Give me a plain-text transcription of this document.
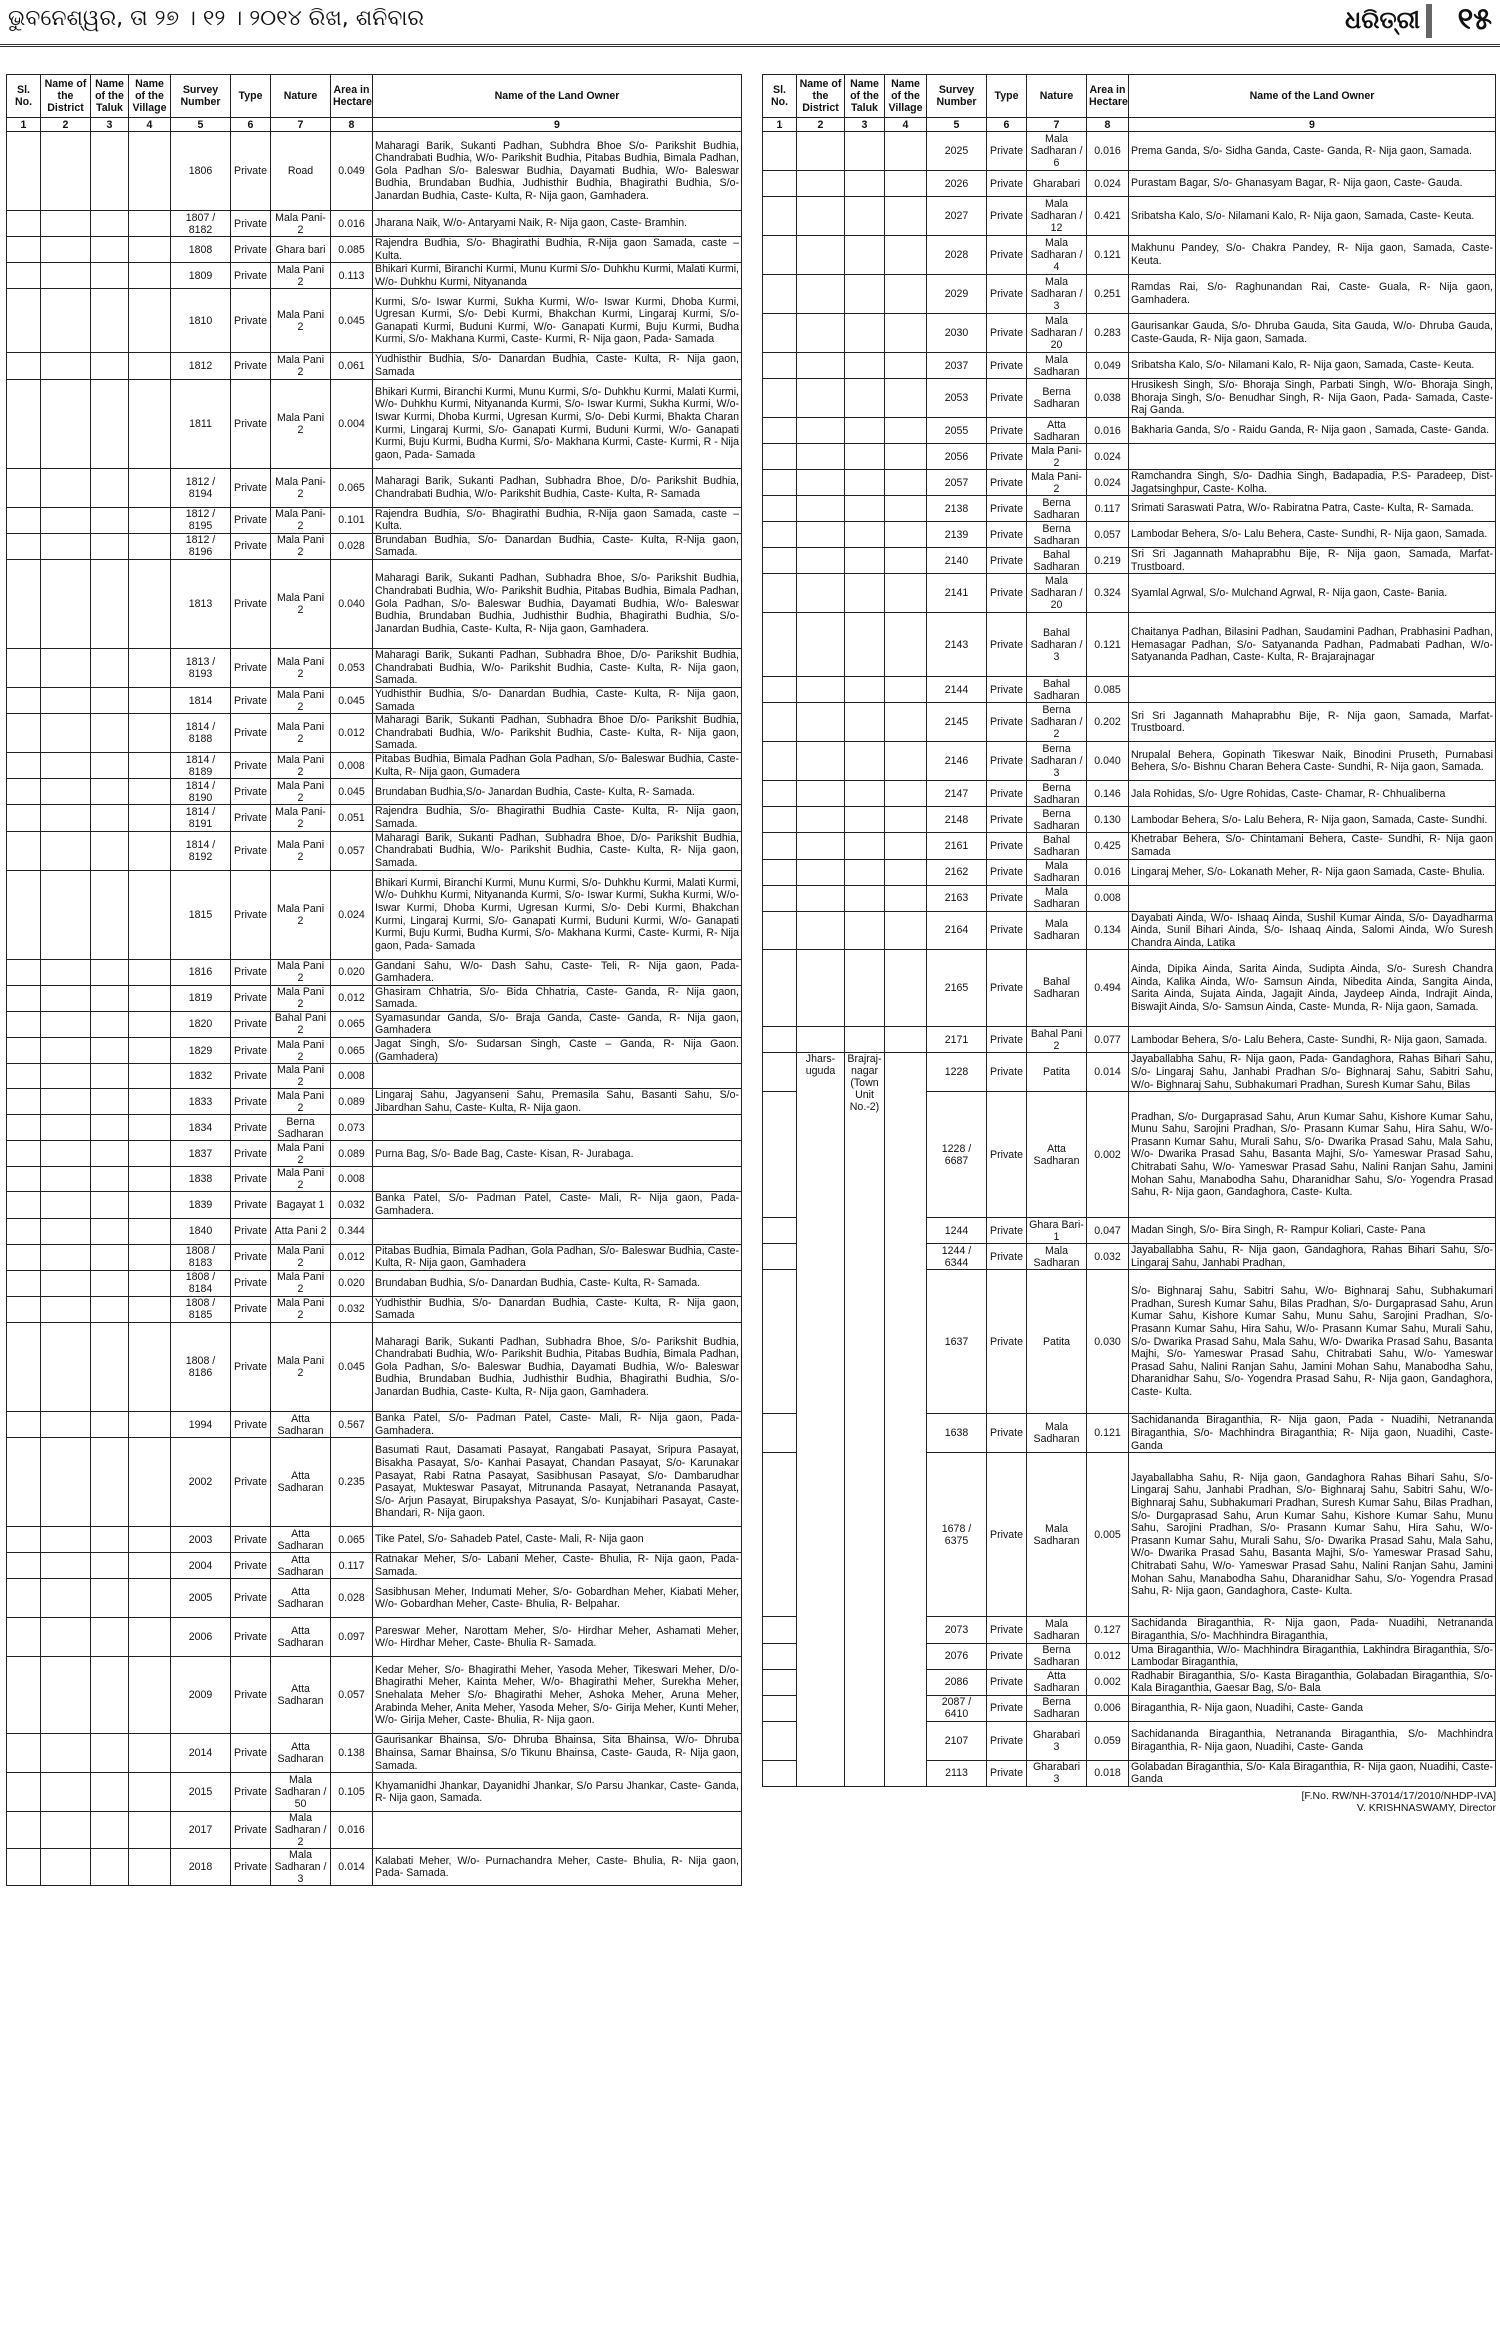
ଭୁବନେଶ୍ୱର, ତା ୨୭ । ୧୨ । ୨୦୧୪ ରିଖ, ଶନିବାର	ଧରିତ୍ରୀ ୧୫
Sl. No.	Name of the District	Name of the Taluk	Name of the Village	Survey Number	Type	Nature	Area in Hectare	Name of the Land Owner
1	2	3	4	5	6	7	8	9
				1806	Private	Road	0.049	Maharagi Barik, Sukanti Padhan, Subhdra Bhoe S/o- Parikshit Budhia, Chandrabati Budhia, W/o- Parikshit Budhia, Pitabas Budhia, Bimala Padhan, Gola Padhan S/o- Baleswar Budhia, Dayamati Budhia, W/o- Baleswar Budhia, Brundaban Budhia, Judhisthir Budhia, Bhagirathi Budhia, S/o- Janardan Budhia, Caste- Kulta, R- Nija gaon, Gamhadera.
				1807 / 8182	Private	Mala Pani-2	0.016	Jharana Naik, W/o- Antaryami Naik, R- Nija gaon, Caste- Bramhin.
				1808	Private	Ghara bari	0.085	Rajendra Budhia, S/o- Bhagirathi Budhia, R-Nija gaon Samada, caste – Kulta.
				1809	Private	Mala Pani 2	0.113	Bhikari Kurmi, Biranchi Kurmi, Munu Kurmi S/o- Duhkhu Kurmi, Malati Kurmi, W/o- Duhkhu Kurmi, Nityananda
				1810	Private	Mala Pani 2	0.045	Kurmi, S/o- Iswar Kurmi, Sukha Kurmi, W/o- Iswar Kurmi, Dhoba Kurmi, Ugresan Kurmi, S/o- Debi Kurmi, Bhakchan Kurmi, Lingaraj Kurmi, S/o- Ganapati Kurmi, Buduni Kurmi, W/o- Ganapati Kurmi, Buju Kurmi, Budha Kurmi, S/o- Makhana Kurmi, Caste- Kurmi, R- Nija gaon, Pada- Samada
				1812	Private	Mala Pani 2	0.061	Yudhisthir Budhia, S/o- Danardan Budhia, Caste- Kulta, R- Nija gaon, Samada
				1811	Private	Mala Pani 2	0.004	Bhikari Kurmi, Biranchi Kurmi, Munu Kurmi, S/o- Duhkhu Kurmi, Malati Kurmi, W/o- Duhkhu Kurmi, Nityananda Kurmi, S/o- Iswar Kurmi, Sukha Kurmi, W/o- Iswar Kurmi, Dhoba Kurmi, Ugresan Kurmi, S/o- Debi Kurmi, Bhakta Charan Kurmi, Lingaraj Kurmi, S/o- Ganapati Kurmi, Buduni Kurmi, W/o- Ganapati Kurmi, Buju Kurmi, Budha Kurmi, S/o- Makhana Kurmi, Caste- Kurmi, R - Nija gaon, Pada- Samada
				1812 / 8194	Private	Mala Pani-2	0.065	Maharagi Barik, Sukanti Padhan, Subhadra Bhoe, D/o- Parikshit Budhia, Chandrabati Budhia, W/o- Parikshit Budhia, Caste- Kulta, R- Samada
				1812 / 8195	Private	Mala Pani-2	0.101	Rajendra Budhia, S/o- Bhagirathi Budhia, R-Nija gaon Samada, caste – Kulta.
				1812 / 8196	Private	Mala Pani 2	0.028	Brundaban Budhia, S/o- Danardan Budhia, Caste- Kulta, R-Nija gaon, Samada.
				1813	Private	Mala Pani 2	0.040	Maharagi Barik, Sukanti Padhan, Subhadra Bhoe, S/o- Parikshit Budhia, Chandrabati Budhia, W/o- Parikshit Budhia, Pitabas Budhia, Bimala Padhan, Gola Padhan, S/o- Baleswar Budhia, Dayamati Budhia, W/o- Baleswar Budhia, Brundaban Budhia, Judhisthir Budhia, Bhagirathi Budhia, S/o- Janardan Budhia, Caste- Kulta, R- Nija gaon, Gamhadera.
				1813 / 8193	Private	Mala Pani 2	0.053	Maharagi Barik, Sukanti Padhan, Subhadra Bhoe, D/o- Parikshit Budhia, Chandrabati Budhia, W/o- Parikshit Budhia, Caste- Kulta, R- Nija gaon, Samada.
				1814	Private	Mala Pani 2	0.045	Yudhisthir Budhia, S/o- Danardan Budhia, Caste- Kulta, R- Nija gaon, Samada
				1814 / 8188	Private	Mala Pani 2	0.012	Maharagi Barik, Sukanti Padhan, Subhadra Bhoe D/o- Parikshit Budhia, Chandrabati Budhia, W/o- Parikshit Budhia, Caste- Kulta, R- Nija gaon, Samada.
				1814 / 8189	Private	Mala Pani 2	0.008	Pitabas Budhia, Bimala Padhan Gola Padhan, S/o- Baleswar Budhia, Caste- Kulta, R- Nija gaon, Gumadera
				1814 / 8190	Private	Mala Pani 2	0.045	Brundaban Budhia,S/o- Janardan Budhia, Caste- Kulta, R- Samada.
				1814 / 8191	Private	Mala Pani-2	0.051	Rajendra Budhia, S/o- Bhagirathi Budhia Caste- Kulta, R- Nija gaon, Samada.
				1814 / 8192	Private	Mala Pani 2	0.057	Maharagi Barik, Sukanti Padhan, Subhadra Bhoe, D/o- Parikshit Budhia, Chandrabati Budhia, W/o- Parikshit Budhia, Caste- Kulta, R- Nija gaon, Samada.
				1815	Private	Mala Pani 2	0.024	Bhikari Kurmi, Biranchi Kurmi, Munu Kurmi, S/o- Duhkhu Kurmi, Malati Kurmi, W/o- Duhkhu Kurmi, Nityananda Kurmi, S/o- Iswar Kurmi, Sukha Kurmi, W/o- Iswar Kurmi, Dhoba Kurmi, Ugresan Kurmi, S/o- Debi Kurmi, Bhakchan Kurmi, Lingaraj Kurmi, S/o- Ganapati Kurmi, Buduni Kurmi, W/o- Ganapati Kurmi, Buju Kurmi, Budha Kurmi, S/o- Makhana Kurmi, Caste- Kurmi, R- Nija gaon, Pada- Samada
				1816	Private	Mala Pani 2	0.020	Gandani Sahu, W/o- Dash Sahu, Caste- Teli, R- Nija gaon, Pada- Gamhadera.
				1819	Private	Mala Pani 2	0.012	Ghasiram Chhatria, S/o- Bida Chhatria, Caste- Ganda, R- Nija gaon, Samada.
				1820	Private	Bahal Pani 2	0.065	Syamasundar Ganda, S/o- Braja Ganda, Caste- Ganda, R- Nija gaon, Gamhadera
				1829	Private	Mala Pani 2	0.065	Jagat Singh, S/o- Sudarsan Singh, Caste – Ganda, R- Nija Gaon.(Gamhadera)
				1832	Private	Mala Pani 2	0.008	
				1833	Private	Mala Pani 2	0.089	Lingaraj Sahu, Jagyanseni Sahu, Premasila Sahu, Basanti Sahu, S/o- Jibardhan Sahu, Caste- Kulta, R- Nija gaon.
				1834	Private	Berna Sadharan	0.073	
				1837	Private	Mala Pani 2	0.089	Purna Bag, S/o- Bade Bag, Caste- Kisan, R- Jurabaga.
				1838	Private	Mala Pani 2	0.008	
				1839	Private	Bagayat 1	0.032	Banka Patel, S/o- Padman Patel, Caste- Mali, R- Nija gaon, Pada- Gamhadera.
				1840	Private	Atta Pani 2	0.344	
				1808 / 8183	Private	Mala Pani 2	0.012	Pitabas Budhia, Bimala Padhan, Gola Padhan, S/o- Baleswar Budhia, Caste- Kulta, R- Nija gaon, Gamhadera
				1808 / 8184	Private	Mala Pani 2	0.020	Brundaban Budhia, S/o- Danardan Budhia, Caste- Kulta, R- Samada.
				1808 / 8185	Private	Mala Pani 2	0.032	Yudhisthir Budhia, S/o- Danardan Budhia, Caste- Kulta, R- Nija gaon, Samada
				1808 / 8186	Private	Mala Pani 2	0.045	Maharagi Barik, Sukanti Padhan, Subhadra Bhoe, S/o- Parikshit Budhia, Chandrabati Budhia, W/o- Parikshit Budhia, Pitabas Budhia, Bimala Padhan, Gola Padhan, S/o- Baleswar Budhia, Dayamati Budhia, W/o- Baleswar Budhia, Brundaban Budhia, Judhisthir Budhia, Bhagirathi Budhia, S/o- Janardan Budhia, Caste- Kulta, R- Nija gaon, Gamhadera.
				1994	Private	Atta Sadharan	0.567	Banka Patel, S/o- Padman Patel, Caste- Mali, R- Nija gaon, Pada- Gamhadera.
				2002	Private	Atta Sadharan	0.235	Basumati Raut, Dasamati Pasayat, Rangabati Pasayat, Sripura Pasayat, Bisakha Pasayat, S/o- Kanhai Pasayat, Chandan Pasayat, S/o- Karunakar Pasayat, Rabi Ratna Pasayat, Sasibhusan Pasayat, S/o- Dambarudhar Pasayat, Mukteswar Pasayat, Mitrunanda Pasayat, Netrananda Pasayat, S/o- Arjun Pasayat, Birupakshya Pasayat, S/o- Kunjabihari Pasayat, Caste- Bhandari, R- Nija gaon.
				2003	Private	Atta Sadharan	0.065	Tike Patel, S/o- Sahadeb Patel, Caste- Mali, R- Nija gaon
				2004	Private	Atta Sadharan	0.117	Ratnakar Meher, S/o- Labani Meher, Caste- Bhulia, R- Nija gaon, Pada- Samada.
				2005	Private	Atta Sadharan	0.028	Sasibhusan Meher, Indumati Meher, S/o- Gobardhan Meher, Kiabati Meher, W/o- Gobardhan Meher, Caste- Bhulia, R- Belpahar.
				2006	Private	Atta Sadharan	0.097	Pareswar Meher, Narottam Meher, S/o- Hirdhar Meher, Ashamati Meher, W/o- Hirdhar Meher, Caste- Bhulia R- Samada.
				2009	Private	Atta Sadharan	0.057	Kedar Meher, S/o- Bhagirathi Meher, Yasoda Meher, Tikeswari Meher, D/o- Bhagirathi Meher, Kainta Meher, W/o- Bhagirathi Meher, Surekha Meher, Snehalata Meher S/o- Bhagirathi Meher, Ashoka Meher, Aruna Meher, Arabinda Meher, Anita Meher, Yasoda Meher, S/o- Girija Meher, Kunti Meher, W/o- Girija Meher, Caste- Bhulia, R- Nija gaon.
				2014	Private	Atta Sadharan	0.138	Gaurisankar Bhainsa, S/o- Dhruba Bhainsa, Sita Bhainsa, W/o- Dhruba Bhainsa, Samar Bhainsa, S/o Tikunu Bhainsa, Caste- Gauda, R- Nija gaon, Samada.
				2015	Private	Mala Sadharan / 50	0.105	Khyamanidhi Jhankar, Dayanidhi Jhankar, S/o Parsu Jhankar, Caste- Ganda, R- Nija gaon, Samada.
				2017	Private	Mala Sadharan / 2	0.016	
				2018	Private	Mala Sadharan / 3	0.014	Kalabati Meher, W/o- Purnachandra Meher, Caste- Bhulia, R- Nija gaon, Pada- Samada.
Sl. No.	Name of the District	Name of the Taluk	Name of the Village	Survey Number	Type	Nature	Area in Hectare	Name of the Land Owner
1	2	3	4	5	6	7	8	9
				2025	Private	Mala Sadharan / 6	0.016	Prema Ganda, S/o- Sidha Ganda, Caste- Ganda, R- Nija gaon, Samada.
				2026	Private	Gharabari	0.024	Purastam Bagar, S/o- Ghanasyam Bagar, R- Nija gaon, Caste- Gauda.
				2027	Private	Mala Sadharan / 12	0.421	Sribatsha Kalo, S/o- Nilamani Kalo, R- Nija gaon, Samada, Caste- Keuta.
				2028	Private	Mala Sadharan / 4	0.121	Makhunu Pandey, S/o- Chakra Pandey, R- Nija gaon, Samada, Caste- Keuta.
				2029	Private	Mala Sadharan / 3	0.251	Ramdas Rai, S/o- Raghunandan Rai, Caste- Guala, R- Nija gaon, Gamhadera.
				2030	Private	Mala Sadharan / 20	0.283	Gaurisankar Gauda, S/o- Dhruba Gauda, Sita Gauda, W/o- Dhruba Gauda, Caste-Gauda, R- Nija gaon, Samada.
				2037	Private	Mala Sadharan	0.049	Sribatsha Kalo, S/o- Nilamani Kalo, R- Nija gaon, Samada, Caste- Keuta.
				2053	Private	Berna Sadharan	0.038	Hrusikesh Singh, S/o- Bhoraja Singh, Parbati Singh, W/o- Bhoraja Singh, Bhoraja Singh, S/o- Benudhar Singh, R- Nija Gaon, Pada- Samada, Caste- Raj Ganda.
				2055	Private	Atta Sadharan	0.016	Bakharia Ganda, S/o - Raidu Ganda, R- Nija gaon , Samada, Caste- Ganda.
				2056	Private	Mala Pani-2	0.024	
				2057	Private	Mala Pani-2	0.024	Ramchandra Singh, S/o- Dadhia Singh, Badapadia, P.S- Paradeep, Dist- Jagatsinghpur, Caste- Kolha.
				2138	Private	Berna Sadharan	0.117	Srimati Saraswati Patra, W/o- Rabiratna Patra, Caste- Kulta, R- Samada.
				2139	Private	Berna Sadharan	0.057	Lambodar Behera, S/o- Lalu Behera, Caste- Sundhi, R- Nija gaon, Samada.
				2140	Private	Bahal Sadharan	0.219	Sri Sri Jagannath Mahaprabhu Bije, R- Nija gaon, Samada, Marfat- Trustboard.
				2141	Private	Mala Sadharan / 20	0.324	Syamlal Agrwal, S/o- Mulchand Agrwal, R- Nija gaon, Caste- Bania.
				2143	Private	Bahal Sadharan / 3	0.121	Chaitanya Padhan, Bilasini Padhan, Saudamini Padhan, Prabhasini Padhan, Hemasagar Padhan, S/o- Satyananda Padhan, Padmabati Padhan, W/o- Satyananda Padhan, Caste- Kulta, R- Brajarajnagar
				2144	Private	Bahal Sadharan	0.085	
				2145	Private	Berna Sadharan / 2	0.202	Sri Sri Jagannath Mahaprabhu Bije, R- Nija gaon, Samada, Marfat- Trustboard.
				2146	Private	Berna Sadharan / 3	0.040	Nrupalal Behera, Gopinath Tikeswar Naik, Binodini Pruseth, Purnabasi Behera, S/o- Bishnu Charan Behera Caste- Sundhi, R- Nija gaon, Samada.
				2147	Private	Berna Sadharan	0.146	Jala Rohidas, S/o- Ugre Rohidas, Caste- Chamar, R- Chhualiberna
				2148	Private	Berna Sadharan	0.130	Lambodar Behera, S/o- Lalu Behera, R- Nija gaon, Samada, Caste- Sundhi.
				2161	Private	Bahal Sadharan	0.425	Khetrabar Behera, S/o- Chintamani Behera, Caste- Sundhi, R- Nija gaon Samada
				2162	Private	Mala Sadharan	0.016	Lingaraj Meher, S/o- Lokanath Meher, R- Nija gaon Samada, Caste- Bhulia.
				2163	Private	Mala Sadharan	0.008	
				2164	Private	Mala Sadharan	0.134	Dayabati Ainda, W/o- Ishaaq Ainda, Sushil Kumar Ainda, S/o- Dayadharma Ainda, Sunil Bihari Ainda, S/o- Ishaaq Ainda, Salomi Ainda, W/o Suresh Chandra Ainda, Latika
				2165	Private	Bahal Sadharan	0.494	Ainda, Dipika Ainda, Sarita Ainda, Sudipta Ainda, S/o- Suresh Chandra Ainda, Kalika Ainda, W/o- Samsun Ainda, Nibedita Ainda, Sangita Ainda, Sarita Ainda, Sujata Ainda, Jagajit Ainda, Jaydeep Ainda, Indrajit Ainda, Biswajit Ainda, S/o- Samsun Ainda, Caste- Munda, R- Nija gaon, Samada.
				2171	Private	Bahal Pani 2	0.077	Lambodar Behera, S/o- Lalu Behera, Caste- Sundhi, R- Nija gaon, Samada.
	Jhars-uguda	Brajraj-nagar (Town Unit No.-2)		1228	Private	Patita	0.014	Jayaballabha Sahu, R- Nija gaon, Pada- Gandaghora, Rahas Bihari Sahu, S/o- Lingaraj Sahu, Janhabi Pradhan S/o- Bighnaraj Sahu, Sabitri Sahu, W/o- Bighnaraj Sahu, Subhakumari Pradhan, Suresh Kumar Sahu, Bilas
				1228 / 6687	Private	Atta Sadharan	0.002	Pradhan, S/o- Durgaprasad Sahu, Arun Kumar Sahu, Kishore Kumar Sahu, Munu Sahu, Sarojini Pradhan, S/o- Prasann Kumar Sahu, Hira Sahu, W/o- Prasann Kumar Sahu, Murali Sahu, S/o- Dwarika Prasad Sahu, Mala Sahu, W/o- Dwarika Prasad Sahu, Basanta Majhi, S/o- Yameswar Prasad Sahu, Chitrabati Sahu, W/o- Yameswar Prasad Sahu, Nalini Ranjan Sahu, Jamini Mohan Sahu, Manabodha Sahu, Dharanidhar Sahu, S/o- Yogendra Prasad Sahu, R- Nija gaon, Gandaghora, Caste- Kulta.
				1244	Private	Ghara Bari-1	0.047	Madan Singh, S/o- Bira Singh, R- Rampur Koliari, Caste- Pana
				1244 / 6344	Private	Mala Sadharan	0.032	Jayaballabha Sahu, R- Nija gaon, Gandaghora, Rahas Bihari Sahu, S/o- Lingaraj Sahu, Janhabi Pradhan,
				1637	Private	Patita	0.030	S/o- Bighnaraj Sahu, Sabitri Sahu, W/o- Bighnaraj Sahu, Subhakumari Pradhan, Suresh Kumar Sahu, Bilas Pradhan, S/o- Durgaprasad Sahu, Arun Kumar Sahu, Kishore Kumar Sahu, Munu Sahu, Sarojini Pradhan, S/o- Prasann Kumar Sahu, Hira Sahu, W/o- Prasann Kumar Sahu, Murali Sahu, S/o- Dwarika Prasad Sahu, Mala Sahu, W/o- Dwarika Prasad Sahu, Basanta Majhi, S/o- Yameswar Prasad Sahu, Chitrabati Sahu, W/o- Yameswar Prasad Sahu, Nalini Ranjan Sahu, Jamini Mohan Sahu, Manabodha Sahu, Dharanidhar Sahu, S/o- Yogendra Prasad Sahu, R- Nija gaon, Gandaghora, Caste- Kulta.
				1638	Private	Mala Sadharan	0.121	Sachidananda Biraganthia, R- Nija gaon, Pada - Nuadihi, Netrananda Biraganthia, S/o- Machhindra Biraganthia; R- Nija gaon, Nuadihi, Caste- Ganda
				1678 / 6375	Private	Mala Sadharan	0.005	Jayaballabha Sahu, R- Nija gaon, Gandaghora Rahas Bihari Sahu, S/o- Lingaraj Sahu, Janhabi Pradhan, S/o- Bighnaraj Sahu, Sabitri Sahu, W/o- Bighnaraj Sahu, Subhakumari Pradhan, Suresh Kumar Sahu, Bilas Pradhan, S/o- Durgaprasad Sahu, Arun Kumar Sahu, Kishore Kumar Sahu, Munu Sahu, Sarojini Pradhan, S/o- Prasann Kumar Sahu, Hira Sahu, W/o- Prasann Kumar Sahu, Murali Sahu, S/o- Dwarika Prasad Sahu, Mala Sahu, W/o- Dwarika Prasad Sahu, Basanta Majhi, S/o- Yameswar Prasad Sahu, Chitrabati Sahu, W/o- Yameswar Prasad Sahu, Nalini Ranjan Sahu, Jamini Mohan Sahu, Manabodha Sahu, Dharanidhar Sahu, S/o- Yogendra Prasad Sahu, R- Nija gaon, Gandaghora, Caste- Kulta.
				2073	Private	Mala Sadharan	0.127	Sachidanda Biraganthia, R- Nija gaon, Pada- Nuadihi, Netrananda Biraganthia, S/o- Machhindra Biraganthia,
				2076	Private	Berna Sadharan	0.012	Uma Biraganthia, W/o- Machhindra Biraganthia, Lakhindra Biraganthia, S/o- Lambodar Biraganthia,
				2086	Private	Atta Sadharan	0.002	Radhabir Biraganthia, S/o- Kasta Biraganthia, Golabadan Biraganthia, S/o- Kala Biraganthia, Gaesar Bag, S/o- Bala
				2087 / 6410	Private	Berna Sadharan	0.006	Biraganthia, R- Nija gaon, Nuadihi, Caste- Ganda
				2107	Private	Gharabari 3	0.059	Sachidananda Biraganthia, Netrananda Biraganthia, S/o- Machhindra Biraganthia, R- Nija gaon, Nuadihi, Caste- Ganda
				2113	Private	Gharabari 3	0.018	Golabadan Biraganthia, S/o- Kala Biraganthia, R- Nija gaon, Nuadihi, Caste- Ganda
[F.No. RW/NH-37014/17/2010/NHDP-IVA]
V. KRISHNASWAMY, Director
